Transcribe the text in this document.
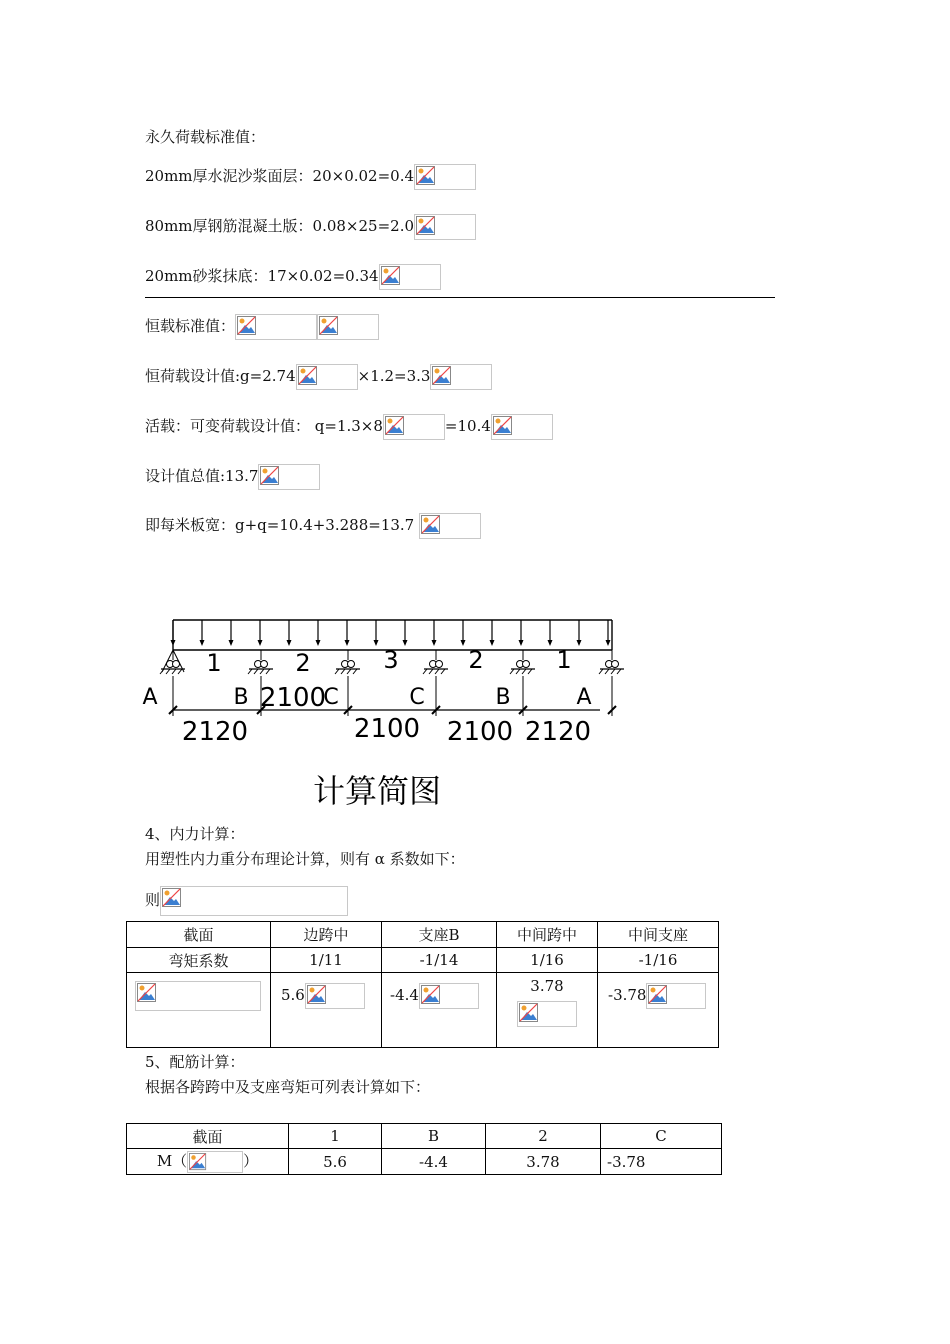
永久荷载标准值：
20mm厚水泥沙浆面层：20×0.02=0.4
80mm厚钢筋混凝土版：0.08×25=2.0
20mm砂浆抹底：17×0.02=0.34
恒载标准值：
恒荷载设计值:g=2.74	×1.2=3.3
活载：可变荷载设计值： q=1.3×8	=10.4
设计值总值:13.7
即每米板宽：g+q=10.4+3.288=13.7
1	2	3	2	1
A	B	C	C	B	A
2120
2100
2100 2100 2120
计算简图
4、内力计算：
用塑性内力重分布理论计算，则有 α 系数如下：
则
截面	边跨中	支座B	中间跨中	中间支座
弯矩系数	1/11	-1/14	1/16	-1/16

	5.6	-4.4	3.78	-3.78
5、配筋计算：
根据各跨跨中及支座弯矩可列表计算如下：
截面	1	B	2	C
M（ ）	5.6	-4.4	3.78	-3.78
